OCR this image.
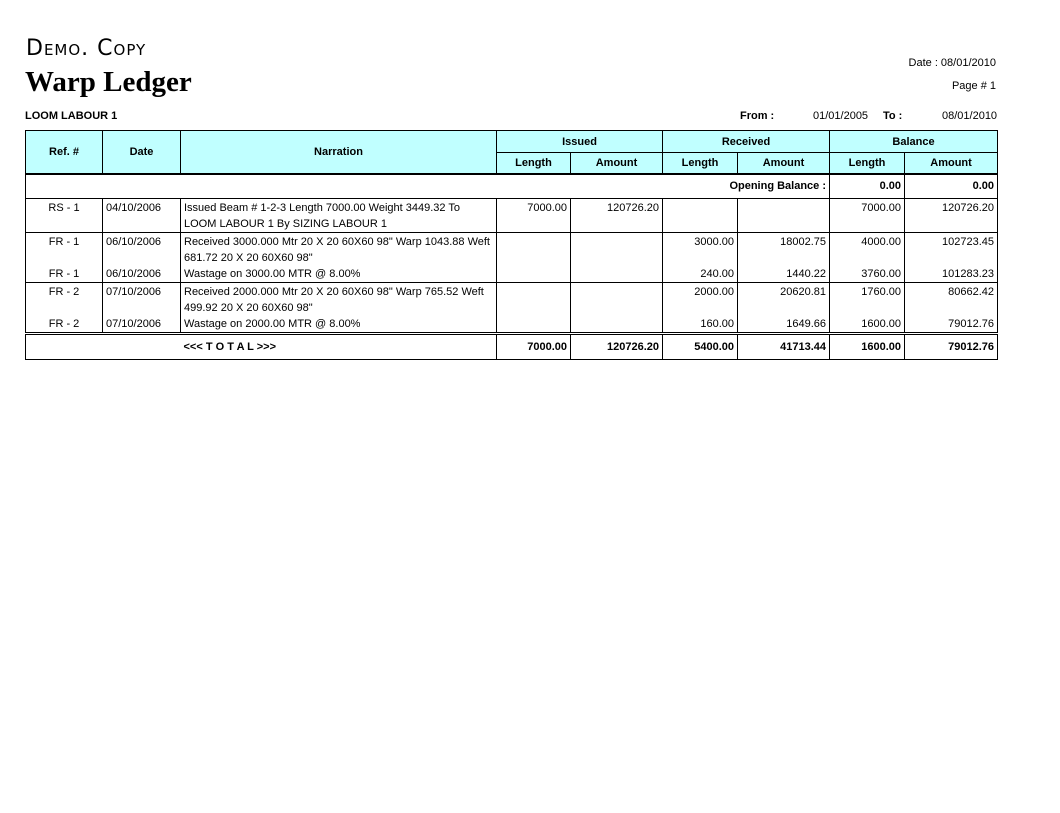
Demo. Copy
Warp Ledger
Date : 08/01/2010
Page # 1
LOOM LABOUR 1	From :	01/01/2005 To :	08/01/2010
Ref. #	Date	Narration	Issued		Received		Balance	
			Length	Amount	Length	Amount	Length	Amount
Opening Balance :							0.00	0.00
RS - 1	04/10/2006	Issued Beam # 1-2-3 Length 7000.00 Weight 3449.32 To LOOM LABOUR 1 By SIZING LABOUR 1	7000.00	120726.20			7000.00	120726.20
FR - 1	06/10/2006	Received 3000.000 Mtr 20 X 20 60X60 98" Warp 1043.88 Weft 681.72 20 X 20 60X60 98"			3000.00	18002.75	4000.00	102723.45
FR - 1	06/10/2006	Wastage on 3000.00 MTR @ 8.00%			240.00	1440.22	3760.00	101283.23
FR - 2	07/10/2006	Received 2000.000 Mtr 20 X 20 60X60 98" Warp 765.52 Weft 499.92 20 X 20 60X60 98"			2000.00	20620.81	1760.00	80662.42
FR - 2	07/10/2006	Wastage on 2000.00 MTR @ 8.00%			160.00	1649.66	1600.00	79012.76
		<<< T O T A L >>>	7000.00	120726.20	5400.00	41713.44	1600.00	79012.76
